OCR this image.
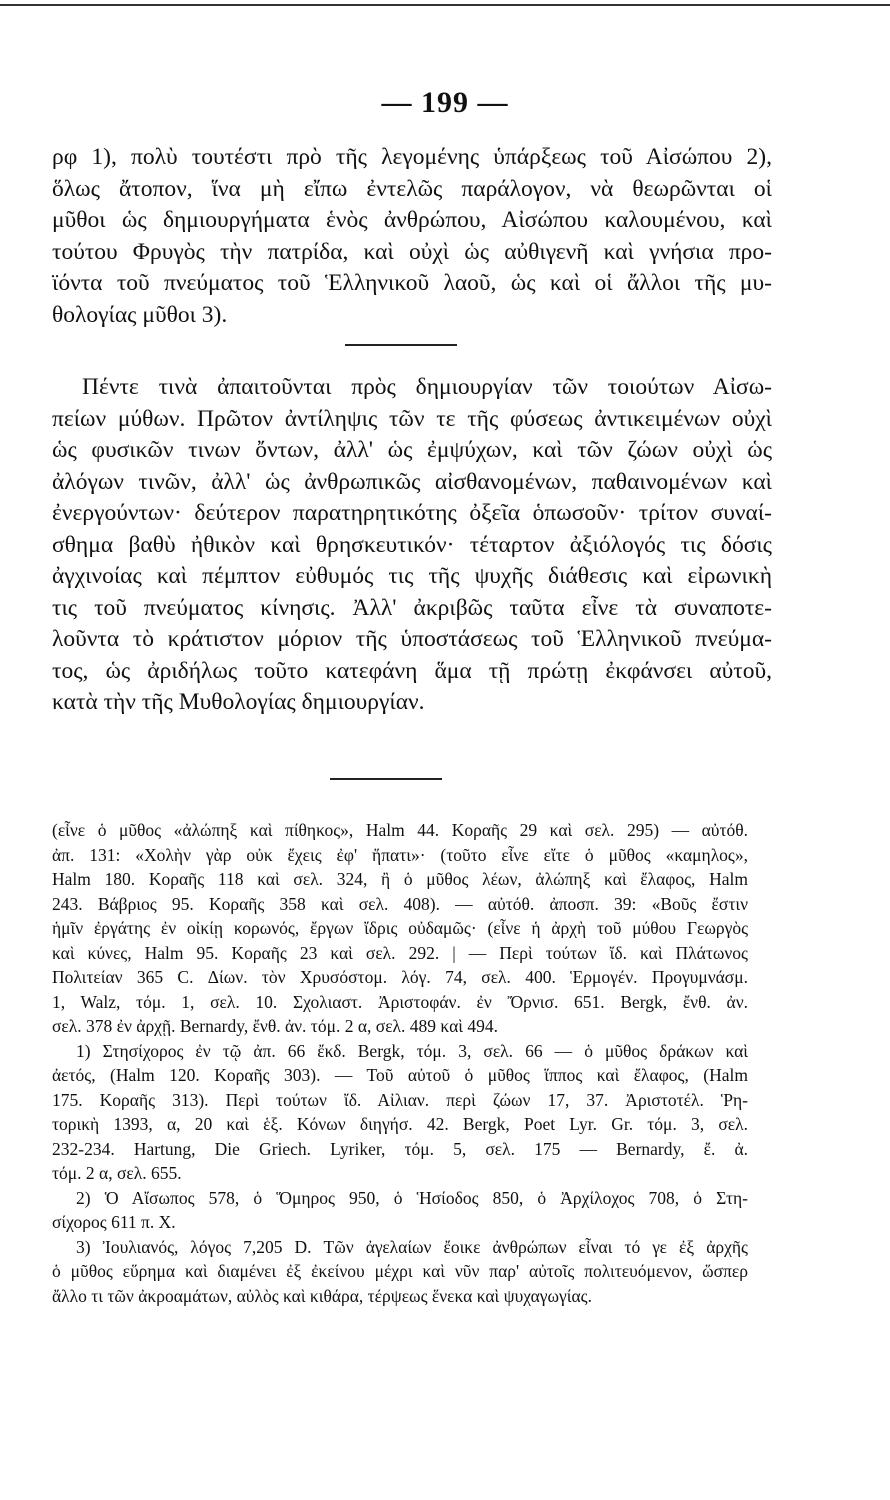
— 199 —
ρφ 1), πολὺ τουτέστι πρὸ τῆς λεγομένης ὑπάρξεως τοῦ Αἰσώπου 2),
ὅλως ἄτοπον, ἵνα μὴ εἴπω ἐντελῶς παράλογον, νὰ θεωρῶνται οἱ
μῦθοι ὡς δημιουργήματα ἑνὸς ἀνθρώπου, Αἰσώπου καλουμένου, καὶ
τούτου Φρυγὸς τὴν πατρίδα, καὶ οὐχὶ ὡς αὐθιγενῆ καὶ γνήσια προ-
ϊόντα τοῦ πνεύματος τοῦ Ἑλληνικοῦ λαοῦ, ὡς καὶ οἱ ἄλλοι τῆς μυ-
θολογίας μῦθοι 3).
Πέντε τινὰ ἀπαιτοῦνται πρὸς δημιουργίαν τῶν τοιούτων Αἰσω-
πείων μύθων. Πρῶτον ἀντίληψις τῶν τε τῆς φύσεως ἀντικειμένων οὐχὶ
ὡς φυσικῶν τινων ὄντων, ἀλλ' ὡς ἐμψύχων, καὶ τῶν ζώων οὐχὶ ὡς
ἀλόγων τινῶν, ἀλλ' ὡς ἀνθρωπικῶς αἰσθανομένων, παθαινομένων καὶ
ἐνεργούντων· δεύτερον παρατηρητικότης ὀξεῖα ὁπωσοῦν· τρίτον συναί-
σθημα βαθὺ ἠθικὸν καὶ θρησκευτικόν· τέταρτον ἀξιόλογός τις δόσις
ἀγχινοίας καὶ πέμπτον εὐθυμός τις τῆς ψυχῆς διάθεσις καὶ εἰρωνικὴ
τις τοῦ πνεύματος κίνησις. Ἀλλ' ἀκριβῶς ταῦτα εἶνε τὰ συναποτε-
λοῦντα τὸ κράτιστον μόριον τῆς ὑποστάσεως τοῦ Ἑλληνικοῦ πνεύμα-
τος, ὡς ἀριδήλως τοῦτο κατεφάνη ἅμα τῇ πρώτῃ ἐκφάνσει αὐτοῦ,
κατὰ τὴν τῆς Μυθολογίας δημιουργίαν.
(εἶνε ὁ μῦθος «ἀλώπηξ καὶ πίθηκος», Halm 44. Κοραῆς 29 καὶ σελ. 295) — αὐτόθ.
ἀπ. 131: «Χολὴν γὰρ οὐκ ἔχεις ἐφ' ἥπατι»· (τοῦτο εἶνε εἴτε ὁ μῦθος «καμηλος»,
Halm 180. Κοραῆς 118 καὶ σελ. 324, ἢ ὁ μῦθος λέων, ἀλώπηξ καὶ ἔλαφος, Halm
243. Βάβριος 95. Κοραῆς 358 καὶ σελ. 408). — αὐτόθ. ἀποσπ. 39: «Βοῦς ἔστιν
ἡμῖν ἐργάτης ἐν οἰκίῃ κορωνός, ἔργων ἴδρις οὐδαμῶς· (εἶνε ἡ ἀρχὴ τοῦ μύθου Γεωργὸς
καὶ κύνες, Halm 95. Κοραῆς 23 καὶ σελ. 292. | — Περὶ τούτων ἴδ. καὶ Πλάτωνος
Πολιτείαν 365 C. Δίων. τὸν Χρυσόστομ. λόγ. 74, σελ. 400. Ἑρμογέν. Προγυμνάσμ.
1, Walz, τόμ. 1, σελ. 10. Σχολιαστ. Ἀριστοφάν. ἐν Ὄρνισ. 651. Bergk, ἔνθ. ἀν.
σελ. 378 ἐν ἀρχῇ. Bernardy, ἔνθ. ἀν. τόμ. 2 α, σελ. 489 καὶ 494.
1) Στησίχορος ἐν τῷ ἀπ. 66 ἔκδ. Bergk, τόμ. 3, σελ. 66 — ὁ μῦθος δράκων καὶ
ἀετός, (Halm 120. Κοραῆς 303). — Τοῦ αὐτοῦ ὁ μῦθος ἵππος καὶ ἔλαφος, (Halm
175. Κοραῆς 313). Περὶ τούτων ἴδ. Αἰλιαν. περὶ ζώων 17, 37. Ἀριστοτέλ. Ῥη-
τορικὴ 1393, α, 20 καὶ ἑξ. Κόνων διηγήσ. 42. Bergk, Poet Lyr. Gr. τόμ. 3, σελ.
232-234. Hartung, Die Griech. Lyriker, τόμ. 5, σελ. 175 — Bernardy, ἔ. ἀ.
τόμ. 2 α, σελ. 655.
2) Ὁ Αἴσωπος 578, ὁ Ὅμηρος 950, ὁ Ἡσίοδος 850, ὁ Ἀρχίλοχος 708, ὁ Στη-
σίχορος 611 π. Χ.
3) Ἰουλιανός, λόγος 7,205 D. Τῶν ἀγελαίων ἔοικε ἀνθρώπων εἶναι τό γε ἐξ ἀρχῆς
ὁ μῦθος εὕρημα καὶ διαμένει ἐξ ἐκείνου μέχρι καὶ νῦν παρ' αὐτοῖς πολιτευόμενον, ὥσπερ
ἄλλο τι τῶν ἀκροαμάτων, αὐλὸς καὶ κιθάρα, τέρψεως ἕνεκα καὶ ψυχαγωγίας.
